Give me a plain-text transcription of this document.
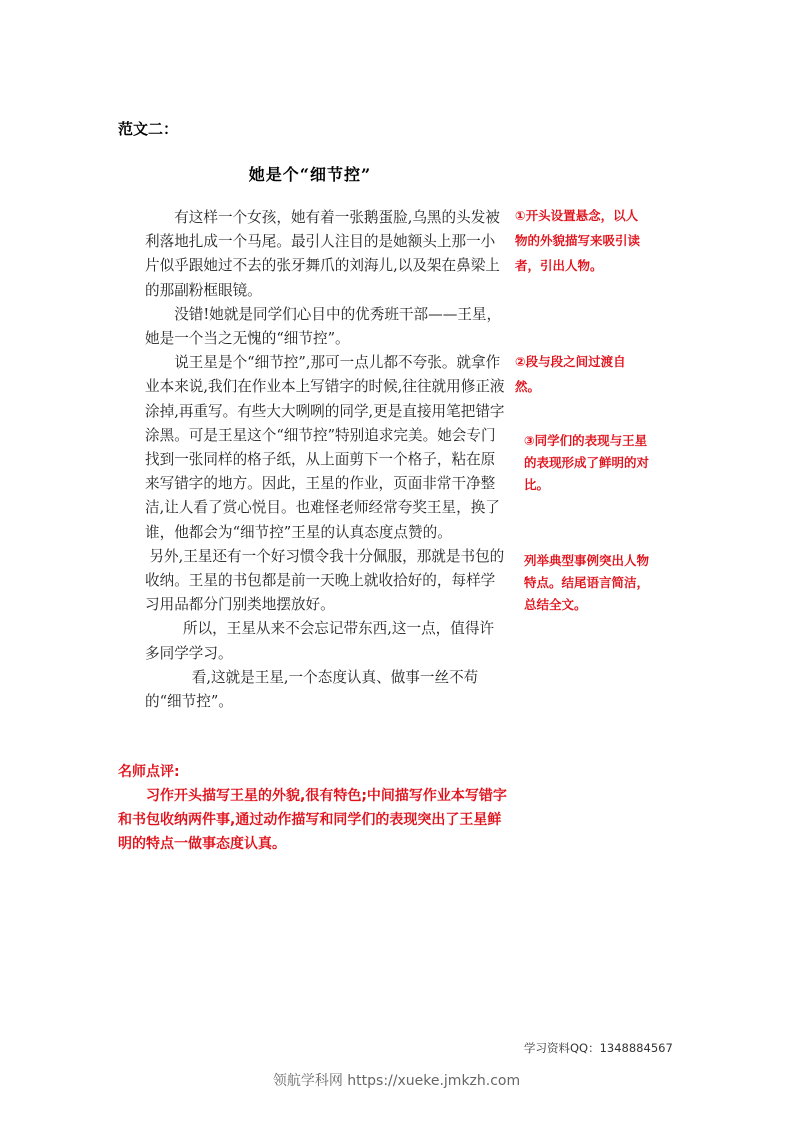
范文二：
她是个“细节控”

有这样一个女孩，她有着一张鹅蛋脸,乌黑的头发被利落地扎成一个马尾。最引人注目的是她额头上那一小片似乎跟她过不去的张牙舞爪的刘海儿,以及架在鼻梁上的那副粉框眼镜。

没错!她就是同学们心目中的优秀班干部——王星，她是一个当之无愧的“细节控”。

说王星是个“细节控”,那可一点儿都不夸张。就拿作业本来说,我们在作业本上写错字的时候,往往就用修正液涂掉,再重写。有些大大咧咧的同学,更是直接用笔把错字涂黑。可是王星这个“细节控”特别追求完美。她会专门找到一张同样的格子纸，从上面剪下一个格子，粘在原来写错字的地方。因此，王星的作业，页面非常干净整洁,让人看了赏心悦目。也难怪老师经常夸奖王星，换了谁，他都会为“细节控”王星的认真态度点赞的。

另外,王星还有一个好习惯令我十分佩服，那就是书包的收纳。王星的书包都是前一天晚上就收拾好的，每样学习用品都分门别类地摆放好。

所以，王星从来不会忘记带东西,这一点，值得许多同学学习。

看,这就是王星,一个态度认真、做事一丝不苟的“细节控”。

①开头设置悬念，以人物的外貌描写来吸引读者，引出人物。
②段与段之间过渡自然。
③同学们的表现与王星的表现形成了鲜明的对比。
列举典型事例突出人物特点。结尾语言简洁，总结全文。
名师点评:
习作开头描写王星的外貌,很有特色;中间描写作业本写错字和书包收纳两件事,通过动作描写和同学们的表现突出了王星鲜明的特点一做事态度认真。
学习资料QQ：1348884567
领航学科网 https://xueke.jmkzh.com
